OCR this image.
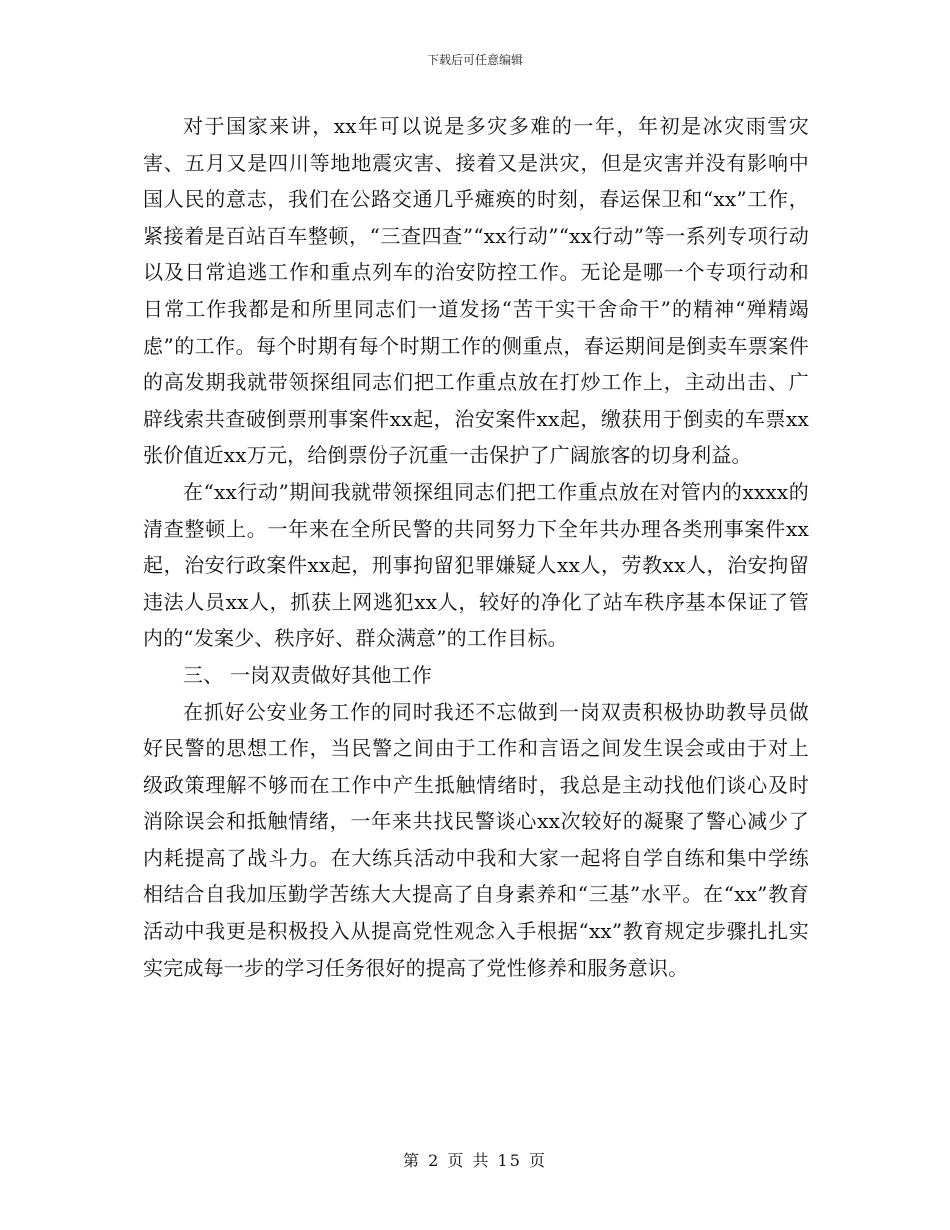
下载后可任意编辑

对于国家来讲，xx年可以说是多灾多难的一年，年初是冰灾雨雪灾害、五月又是四川等地地震灾害、接着又是洪灾，但是灾害并没有影响中国人民的意志，我们在公路交通几乎瘫痪的时刻，春运保卫和“xx”工作，紧接着是百站百车整顿，“三查四查”“xx行动”“xx行动”等一系列专项行动以及日常追逃工作和重点列车的治安防控工作。无论是哪一个专项行动和日常工作我都是和所里同志们一道发扬“苦干实干舍命干”的精神“殚精竭虑”的工作。每个时期有每个时期工作的侧重点，春运期间是倒卖车票案件的高发期我就带领探组同志们把工作重点放在打炒工作上，主动出击、广辟线索共查破倒票刑事案件xx起，治安案件xx起，缴获用于倒卖的车票xx张价值近xx万元，给倒票份子沉重一击保护了广阔旅客的切身利益。

在“xx行动”期间我就带领探组同志们把工作重点放在对管内的xxxx的清查整顿上。一年来在全所民警的共同努力下全年共办理各类刑事案件xx起，治安行政案件xx起，刑事拘留犯罪嫌疑人xx人，劳教xx人，治安拘留违法人员xx人，抓获上网逃犯xx人，较好的净化了站车秩序基本保证了管内的“发案少、秩序好、群众满意”的工作目标。

三、 一岗双责做好其他工作

在抓好公安业务工作的同时我还不忘做到一岗双责积极协助教导员做好民警的思想工作，当民警之间由于工作和言语之间发生误会或由于对上级政策理解不够而在工作中产生抵触情绪时，我总是主动找他们谈心及时消除误会和抵触情绪，一年来共找民警谈心xx次较好的凝聚了警心减少了内耗提高了战斗力。在大练兵活动中我和大家一起将自学自练和集中学练相结合自我加压勤学苦练大大提高了自身素养和“三基”水平。在“xx”教育活动中我更是积极投入从提高党性观念入手根据“xx”教育规定步骤扎扎实实完成每一步的学习任务很好的提高了党性修养和服务意识。

第 2 页 共 15 页
